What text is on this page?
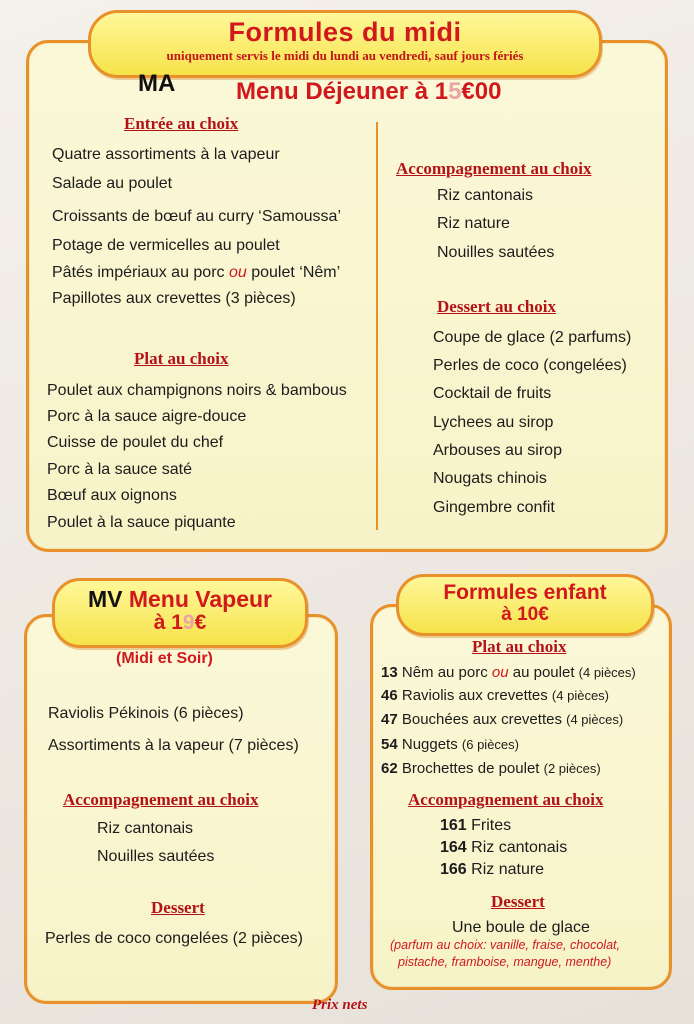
Formules du midi
uniquement servis le midi du lundi au vendredi, sauf jours fériés
MA	Menu Déjeuner à 15€00
Entrée au choix
Quatre assortiments à la vapeur
Salade au poulet
Croissants de bœuf au curry ‘Samoussa’
Potage de vermicelles au poulet
Pâtés impériaux au porc ou poulet ‘Nêm’
Papillotes aux crevettes (3 pièces)
Plat au choix
Poulet aux champignons noirs & bambous
Porc à la sauce aigre-douce
Cuisse de poulet du chef
Porc à la sauce saté
Bœuf aux oignons
Poulet à la sauce piquante
Accompagnement au choix
Riz cantonais
Riz nature
Nouilles sautées
Dessert au choix
Coupe de glace (2 parfums)
Perles de coco (congelées)
Cocktail de fruits
Lychees au sirop
Arbouses au sirop
Nougats chinois
Gingembre confit
MV Menu Vapeur
à 19€
(Midi et Soir)
Raviolis Pékinois (6 pièces)
Assortiments à la vapeur (7 pièces)
Accompagnement au choix
Riz cantonais
Nouilles sautées
Dessert
Perles de coco congelées (2 pièces)
Formules enfant
à 10€
Plat au choix
13 Nêm au porc ou au poulet (4 pièces)
46 Raviolis aux crevettes (4 pièces)
47 Bouchées aux crevettes (4 pièces)
54 Nuggets (6 pièces)
62 Brochettes de poulet (2 pièces)
Accompagnement au choix
161 Frites
164 Riz cantonais
166 Riz nature
Dessert
Une boule de glace
(parfum au choix: vanille, fraise, chocolat,
pistache, framboise, mangue, menthe)
Prix nets
